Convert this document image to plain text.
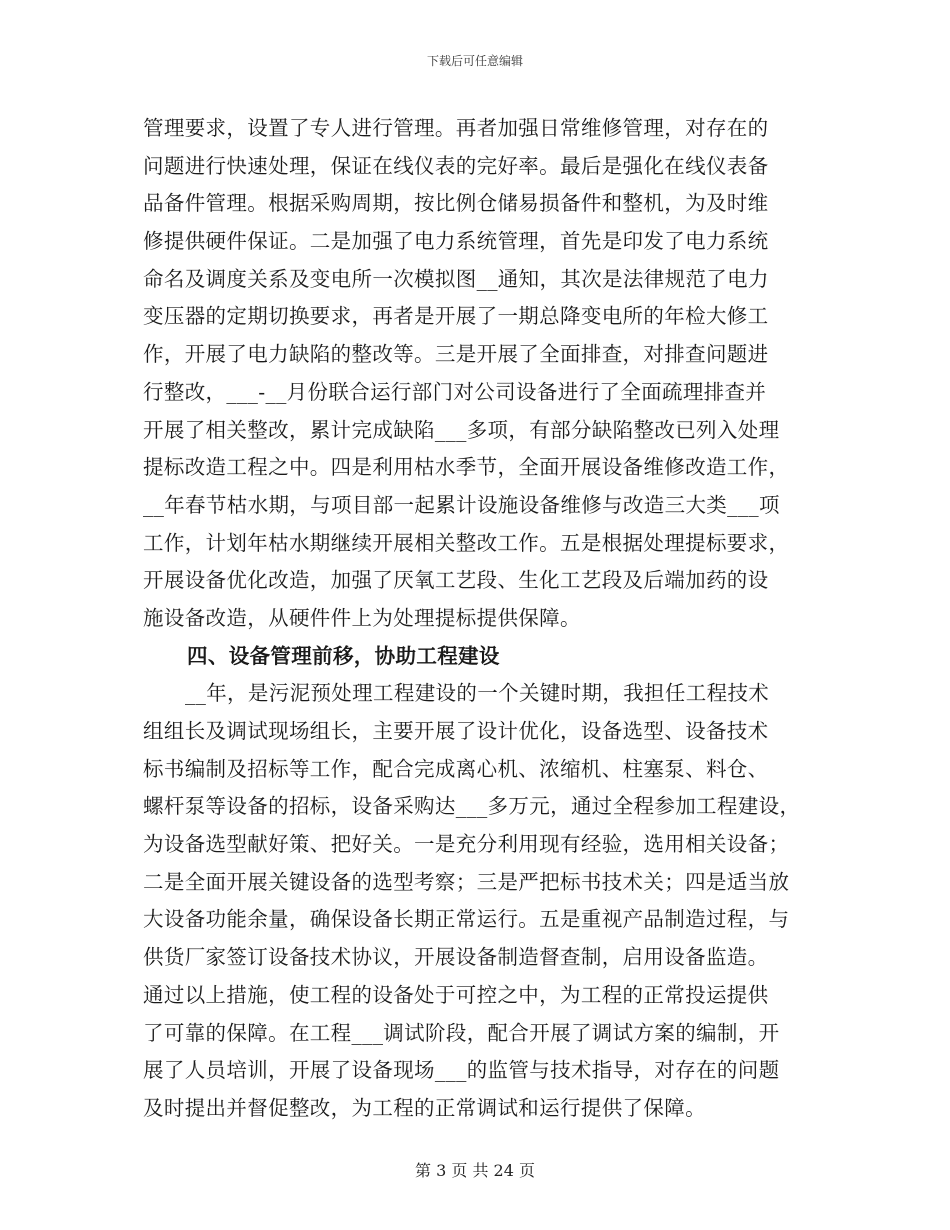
下载后可任意编辑
管理要求，设置了专人进行管理。再者加强日常维修管理，对存在的
问题进行快速处理，保证在线仪表的完好率。最后是强化在线仪表备
品备件管理。根据采购周期，按比例仓储易损备件和整机，为及时维
修提供硬件保证。二是加强了电力系统管理，首先是印发了电力系统
命名及调度关系及变电所一次模拟图__通知，其次是法律规范了电力
变压器的定期切换要求，再者是开展了一期总降变电所的年检大修工
作，开展了电力缺陷的整改等。三是开展了全面排查，对排查问题进
行整改，___-__月份联合运行部门对公司设备进行了全面疏理排查并
开展了相关整改，累计完成缺陷___多项，有部分缺陷整改已列入处理
提标改造工程之中。四是利用枯水季节，全面开展设备维修改造工作，
__年春节枯水期，与项目部一起累计设施设备维修与改造三大类___项
工作，计划年枯水期继续开展相关整改工作。五是根据处理提标要求，
开展设备优化改造，加强了厌氧工艺段、生化工艺段及后端加药的设
施设备改造，从硬件件上为处理提标提供保障。
四、设备管理前移，协助工程建设
__年，是污泥预处理工程建设的一个关键时期，我担任工程技术
组组长及调试现场组长，主要开展了设计优化，设备选型、设备技术
标书编制及招标等工作，配合完成离心机、浓缩机、柱塞泵、料仓、
螺杆泵等设备的招标，设备采购达___多万元，通过全程参加工程建设，
为设备选型献好策、把好关。一是充分利用现有经验，选用相关设备；
二是全面开展关键设备的选型考察；三是严把标书技术关；四是适当放
大设备功能余量，确保设备长期正常运行。五是重视产品制造过程，与
供货厂家签订设备技术协议，开展设备制造督查制，启用设备监造。
通过以上措施，使工程的设备处于可控之中，为工程的正常投运提供
了可靠的保障。在工程___调试阶段，配合开展了调试方案的编制，开
展了人员培训，开展了设备现场___的监管与技术指导，对存在的问题
及时提出并督促整改，为工程的正常调试和运行提供了保障。
第 3 页 共 24 页
